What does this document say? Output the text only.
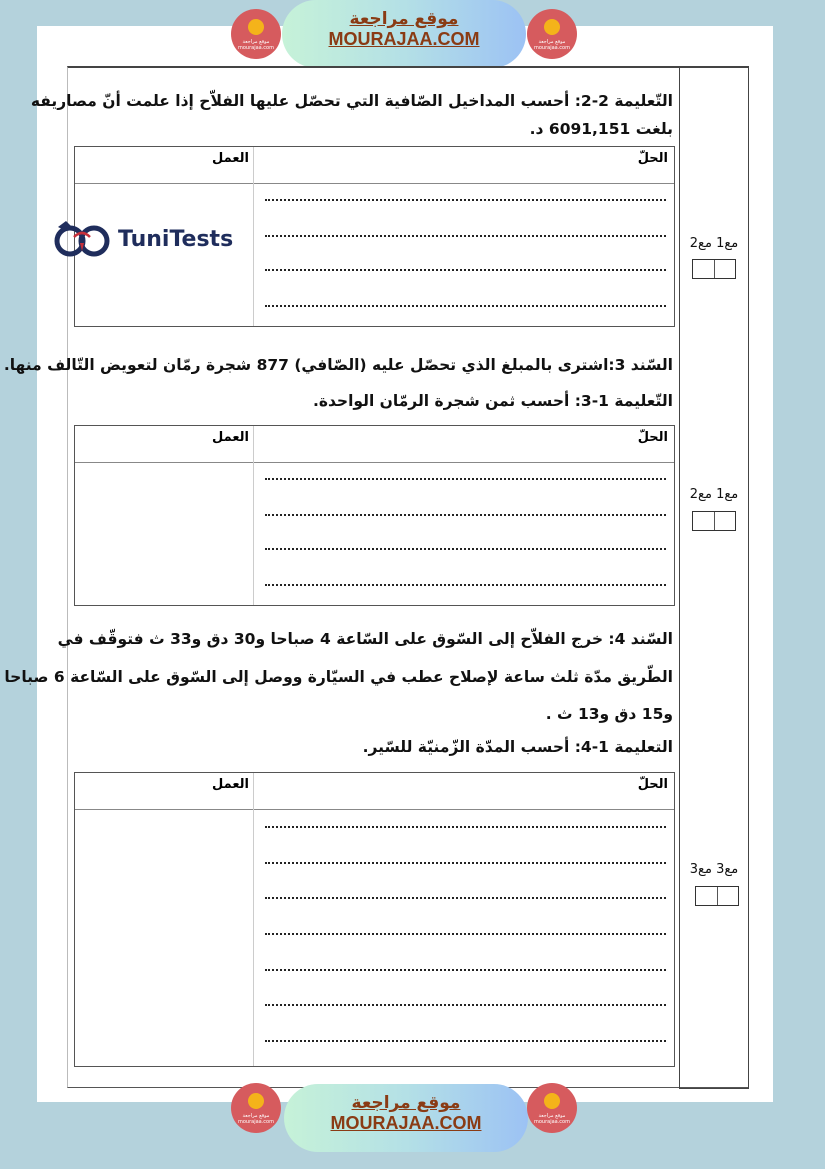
موقع مراجعة
mourajaa.com
موقع مراجعة
MOURAJAA.COM	موقع مراجعة
mourajaa.com
التّعليمة 2-2: أحسب المداخيل الصّافية التي تحصّل عليها الفلاّح إذا علمت أنّ مصاريفه
بلغت 6091,151 د.
الحلّ
العمل
TuniTests	مع1 مع2
السّند 3:اشترى بالمبلغ الذي تحصّل عليه (الصّافي) 877 شجرة رمّان لتعويض التّالف منها.
التّعليمة 1-3: أحسب ثمن شجرة الرمّان الواحدة.
الحلّ
العمل
مع1 مع2
السّند 4: خرج الفلاّح إلى السّوق على السّاعة 4 صباحا و30 دق و33 ث فتوقّف في
الطّريق مدّة ثلث ساعة لإصلاح عطب في السيّارة ووصل إلى السّوق على السّاعة 6 صباحا
و15 دق و13 ث .
التعليمة 1-4: أحسب المدّة الزّمنيّة للسّير.
الحلّ
العمل
مع3 مع3
موقع مراجعة
mourajaa.com
موقع مراجعة
MOURAJAA.COM	موقع مراجعة
mourajaa.com
